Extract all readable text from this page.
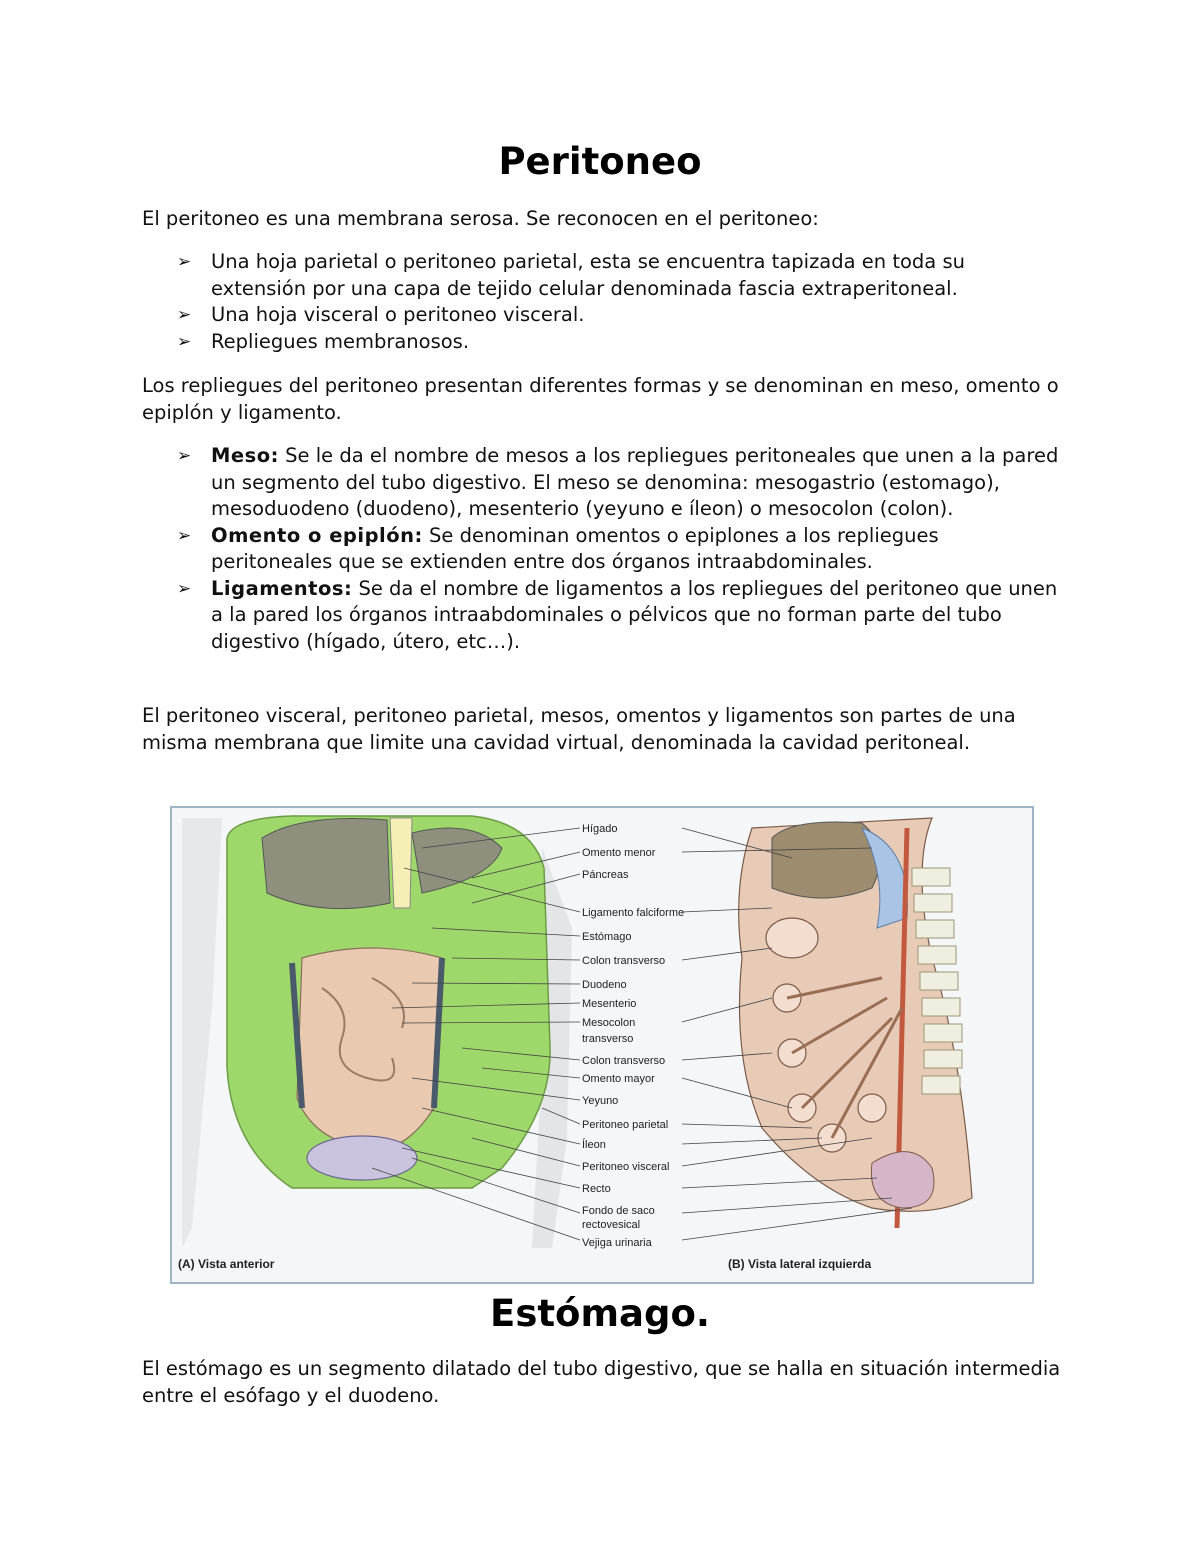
Peritoneo

El peritoneo es una membrana serosa. Se reconocen en el peritoneo:

➢ Una hoja parietal o peritoneo parietal, esta se encuentra tapizada en toda su extensión por una capa de tejido celular denominada fascia extraperitoneal.
➢ Una hoja visceral o peritoneo visceral.
➢ Repliegues membranosos.

Los repliegues del peritoneo presentan diferentes formas y se denominan en meso, omento o epiplón y ligamento.

➢ Meso: Se le da el nombre de mesos a los repliegues peritoneales que unen a la pared un segmento del tubo digestivo. El meso se denomina: mesogastrio (estomago), mesoduodeno (duodeno), mesenterio (yeyuno e íleon) o mesocolon (colon).
➢ Omento o epiplón: Se denominan omentos o epiplones a los repliegues peritoneales que se extienden entre dos órganos intraabdominales.
➢ Ligamentos: Se da el nombre de ligamentos a los repliegues del peritoneo que unen a la pared los órganos intraabdominales o pélvicos que no forman parte del tubo digestivo (hígado, útero, etc…).

El peritoneo visceral, peritoneo parietal, mesos, omentos y ligamentos son partes de una misma membrana que limite una cavidad virtual, denominada la cavidad peritoneal.

Hígado
Omento menor
Páncreas
Ligamento falciforme
Estómago
Colon transverso
Duodeno
Mesenterio
Mesocolon
transverso
Colon transverso
Omento mayor
Yeyuno
Peritoneo parietal
Íleon
Peritoneo visceral
Recto
Fondo de saco
rectovesical
Vejiga urinaria
(A) Vista anterior	(B) Vista lateral izquierda
Estómago.

El estómago es un segmento dilatado del tubo digestivo, que se halla en situación intermedia entre el esófago y el duodeno.
